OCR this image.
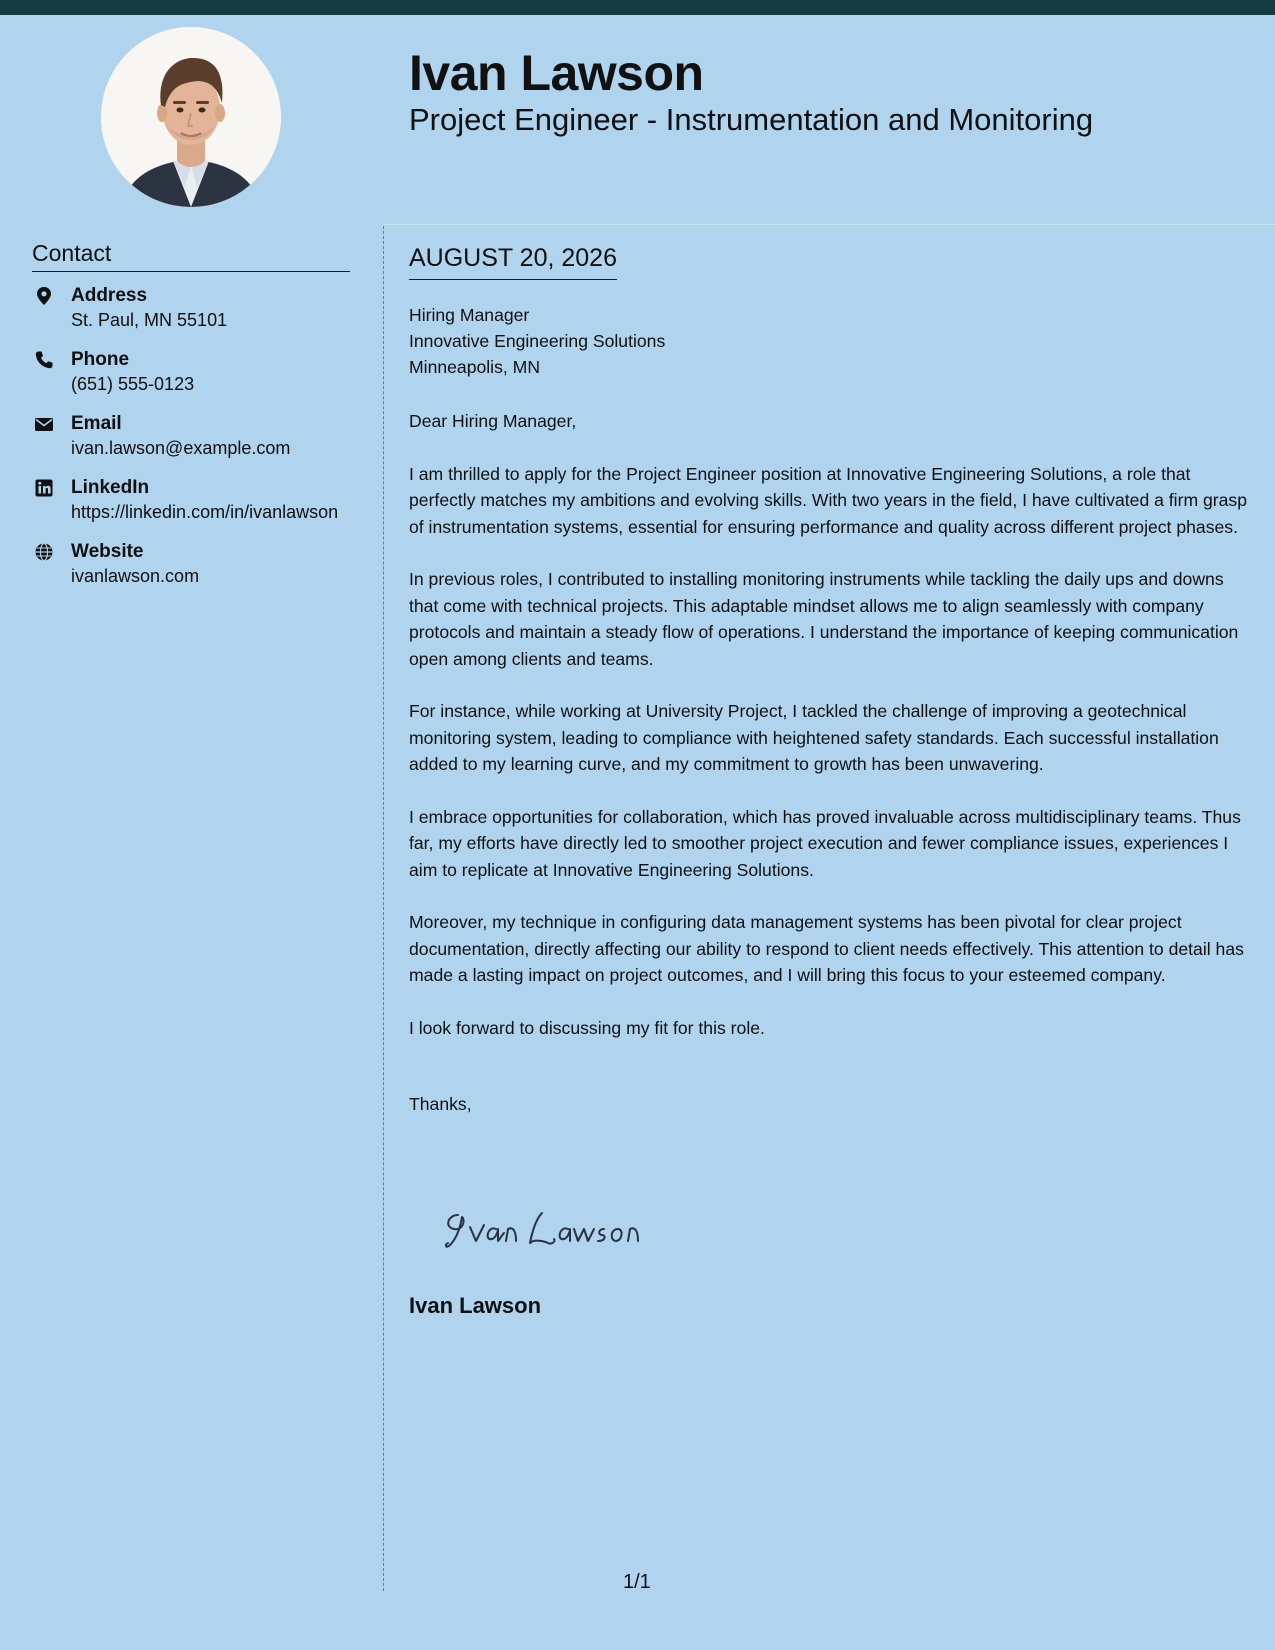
Ivan Lawson
Project Engineer - Instrumentation and Monitoring
Contact
Address
St. Paul, MN 55101
Phone
(651) 555-0123
Email
ivan.lawson@example.com
LinkedIn
https://linkedin.com/in/ivanlawson
Website
ivanlawson.com
AUGUST 20, 2026
Hiring Manager
Innovative Engineering Solutions
Minneapolis, MN
Dear Hiring Manager,
I am thrilled to apply for the Project Engineer position at Innovative Engineering Solutions, a role that perfectly matches my ambitions and evolving skills. With two years in the field, I have cultivated a firm grasp of instrumentation systems, essential for ensuring performance and quality across different project phases.
In previous roles, I contributed to installing monitoring instruments while tackling the daily ups and downs that come with technical projects. This adaptable mindset allows me to align seamlessly with company protocols and maintain a steady flow of operations. I understand the importance of keeping communication open among clients and teams.
For instance, while working at University Project, I tackled the challenge of improving a geotechnical monitoring system, leading to compliance with heightened safety standards. Each successful installation added to my learning curve, and my commitment to growth has been unwavering.
I embrace opportunities for collaboration, which has proved invaluable across multidisciplinary teams. Thus far, my efforts have directly led to smoother project execution and fewer compliance issues, experiences I aim to replicate at Innovative Engineering Solutions.
Moreover, my technique in configuring data management systems has been pivotal for clear project documentation, directly affecting our ability to respond to client needs effectively. This attention to detail has made a lasting impact on project outcomes, and I will bring this focus to your esteemed company.
I look forward to discussing my fit for this role.
Thanks,
Ivan Lawson
1/1
